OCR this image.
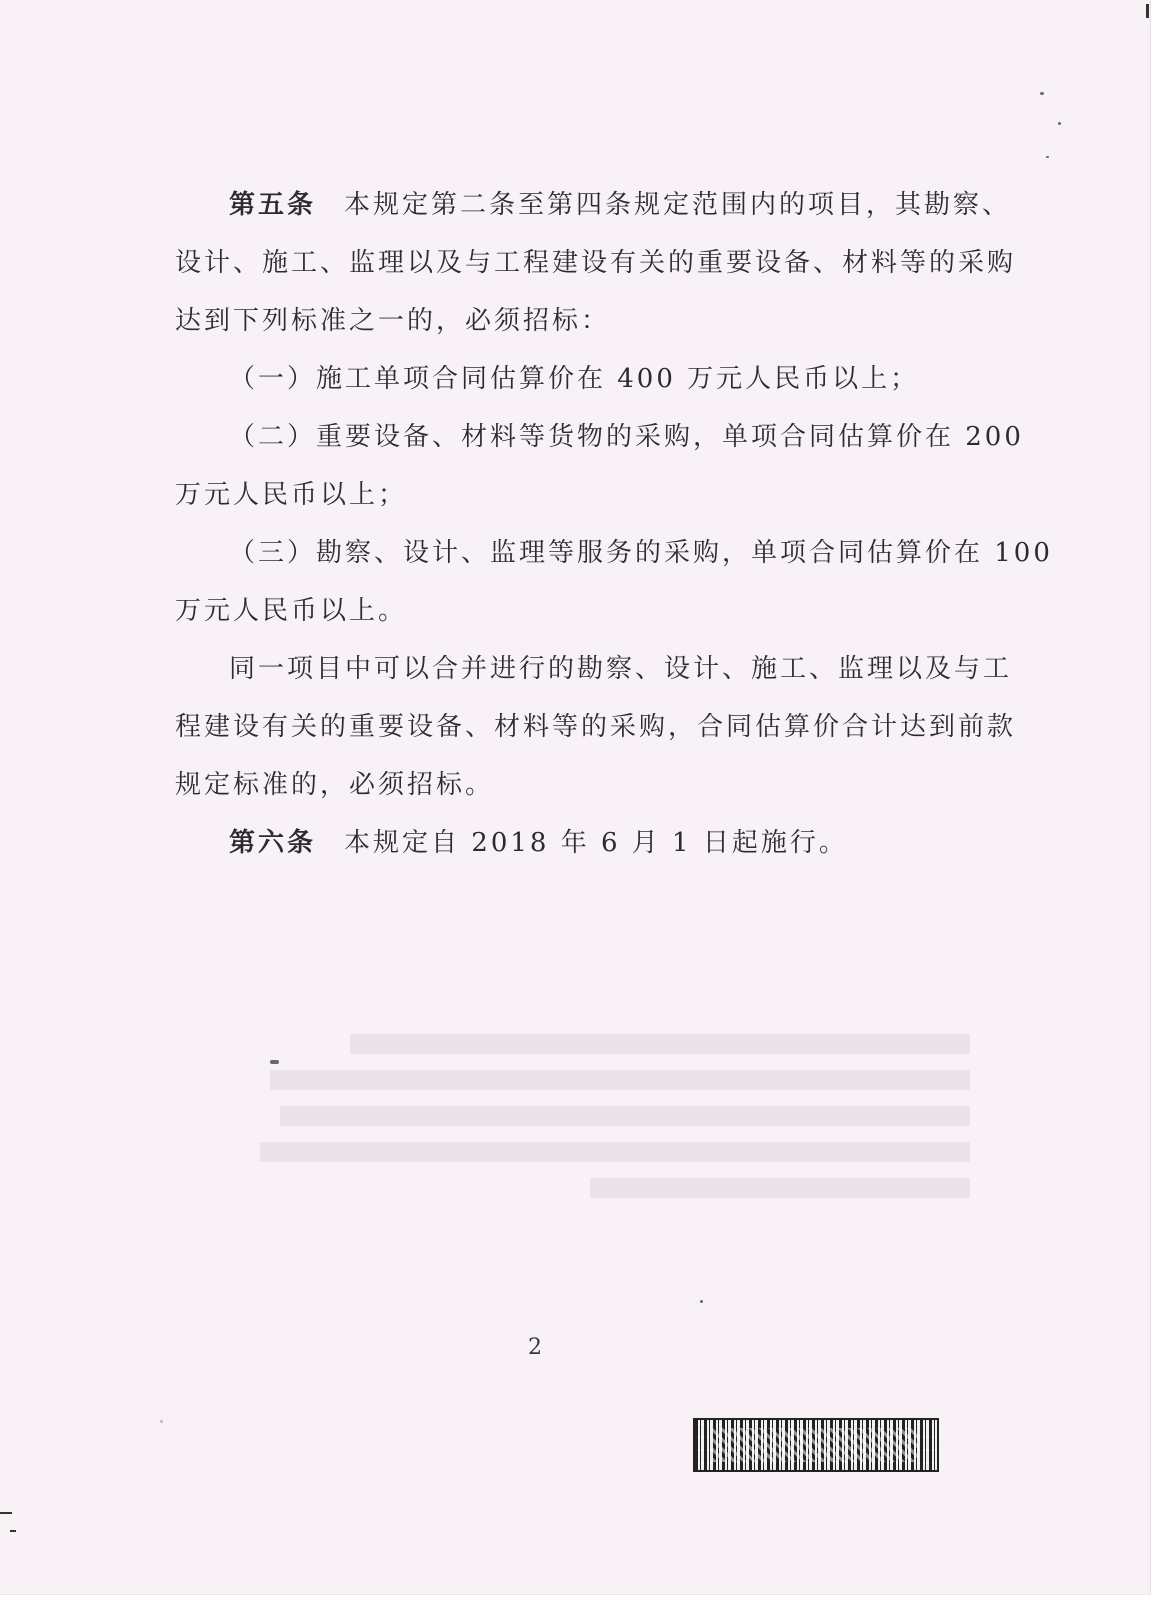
第五条 本规定第二条至第四条规定范围内的项目，其勘察、
设计、施工、监理以及与工程建设有关的重要设备、材料等的采购
达到下列标准之一的，必须招标：
（一）施工单项合同估算价在 400 万元人民币以上；
（二）重要设备、材料等货物的采购，单项合同估算价在 200
万元人民币以上；
（三）勘察、设计、监理等服务的采购，单项合同估算价在 100
万元人民币以上。
同一项目中可以合并进行的勘察、设计、施工、监理以及与工
程建设有关的重要设备、材料等的采购，合同估算价合计达到前款
规定标准的，必须招标。
第六条 本规定自 2018 年 6 月 1 日起施行。
2
